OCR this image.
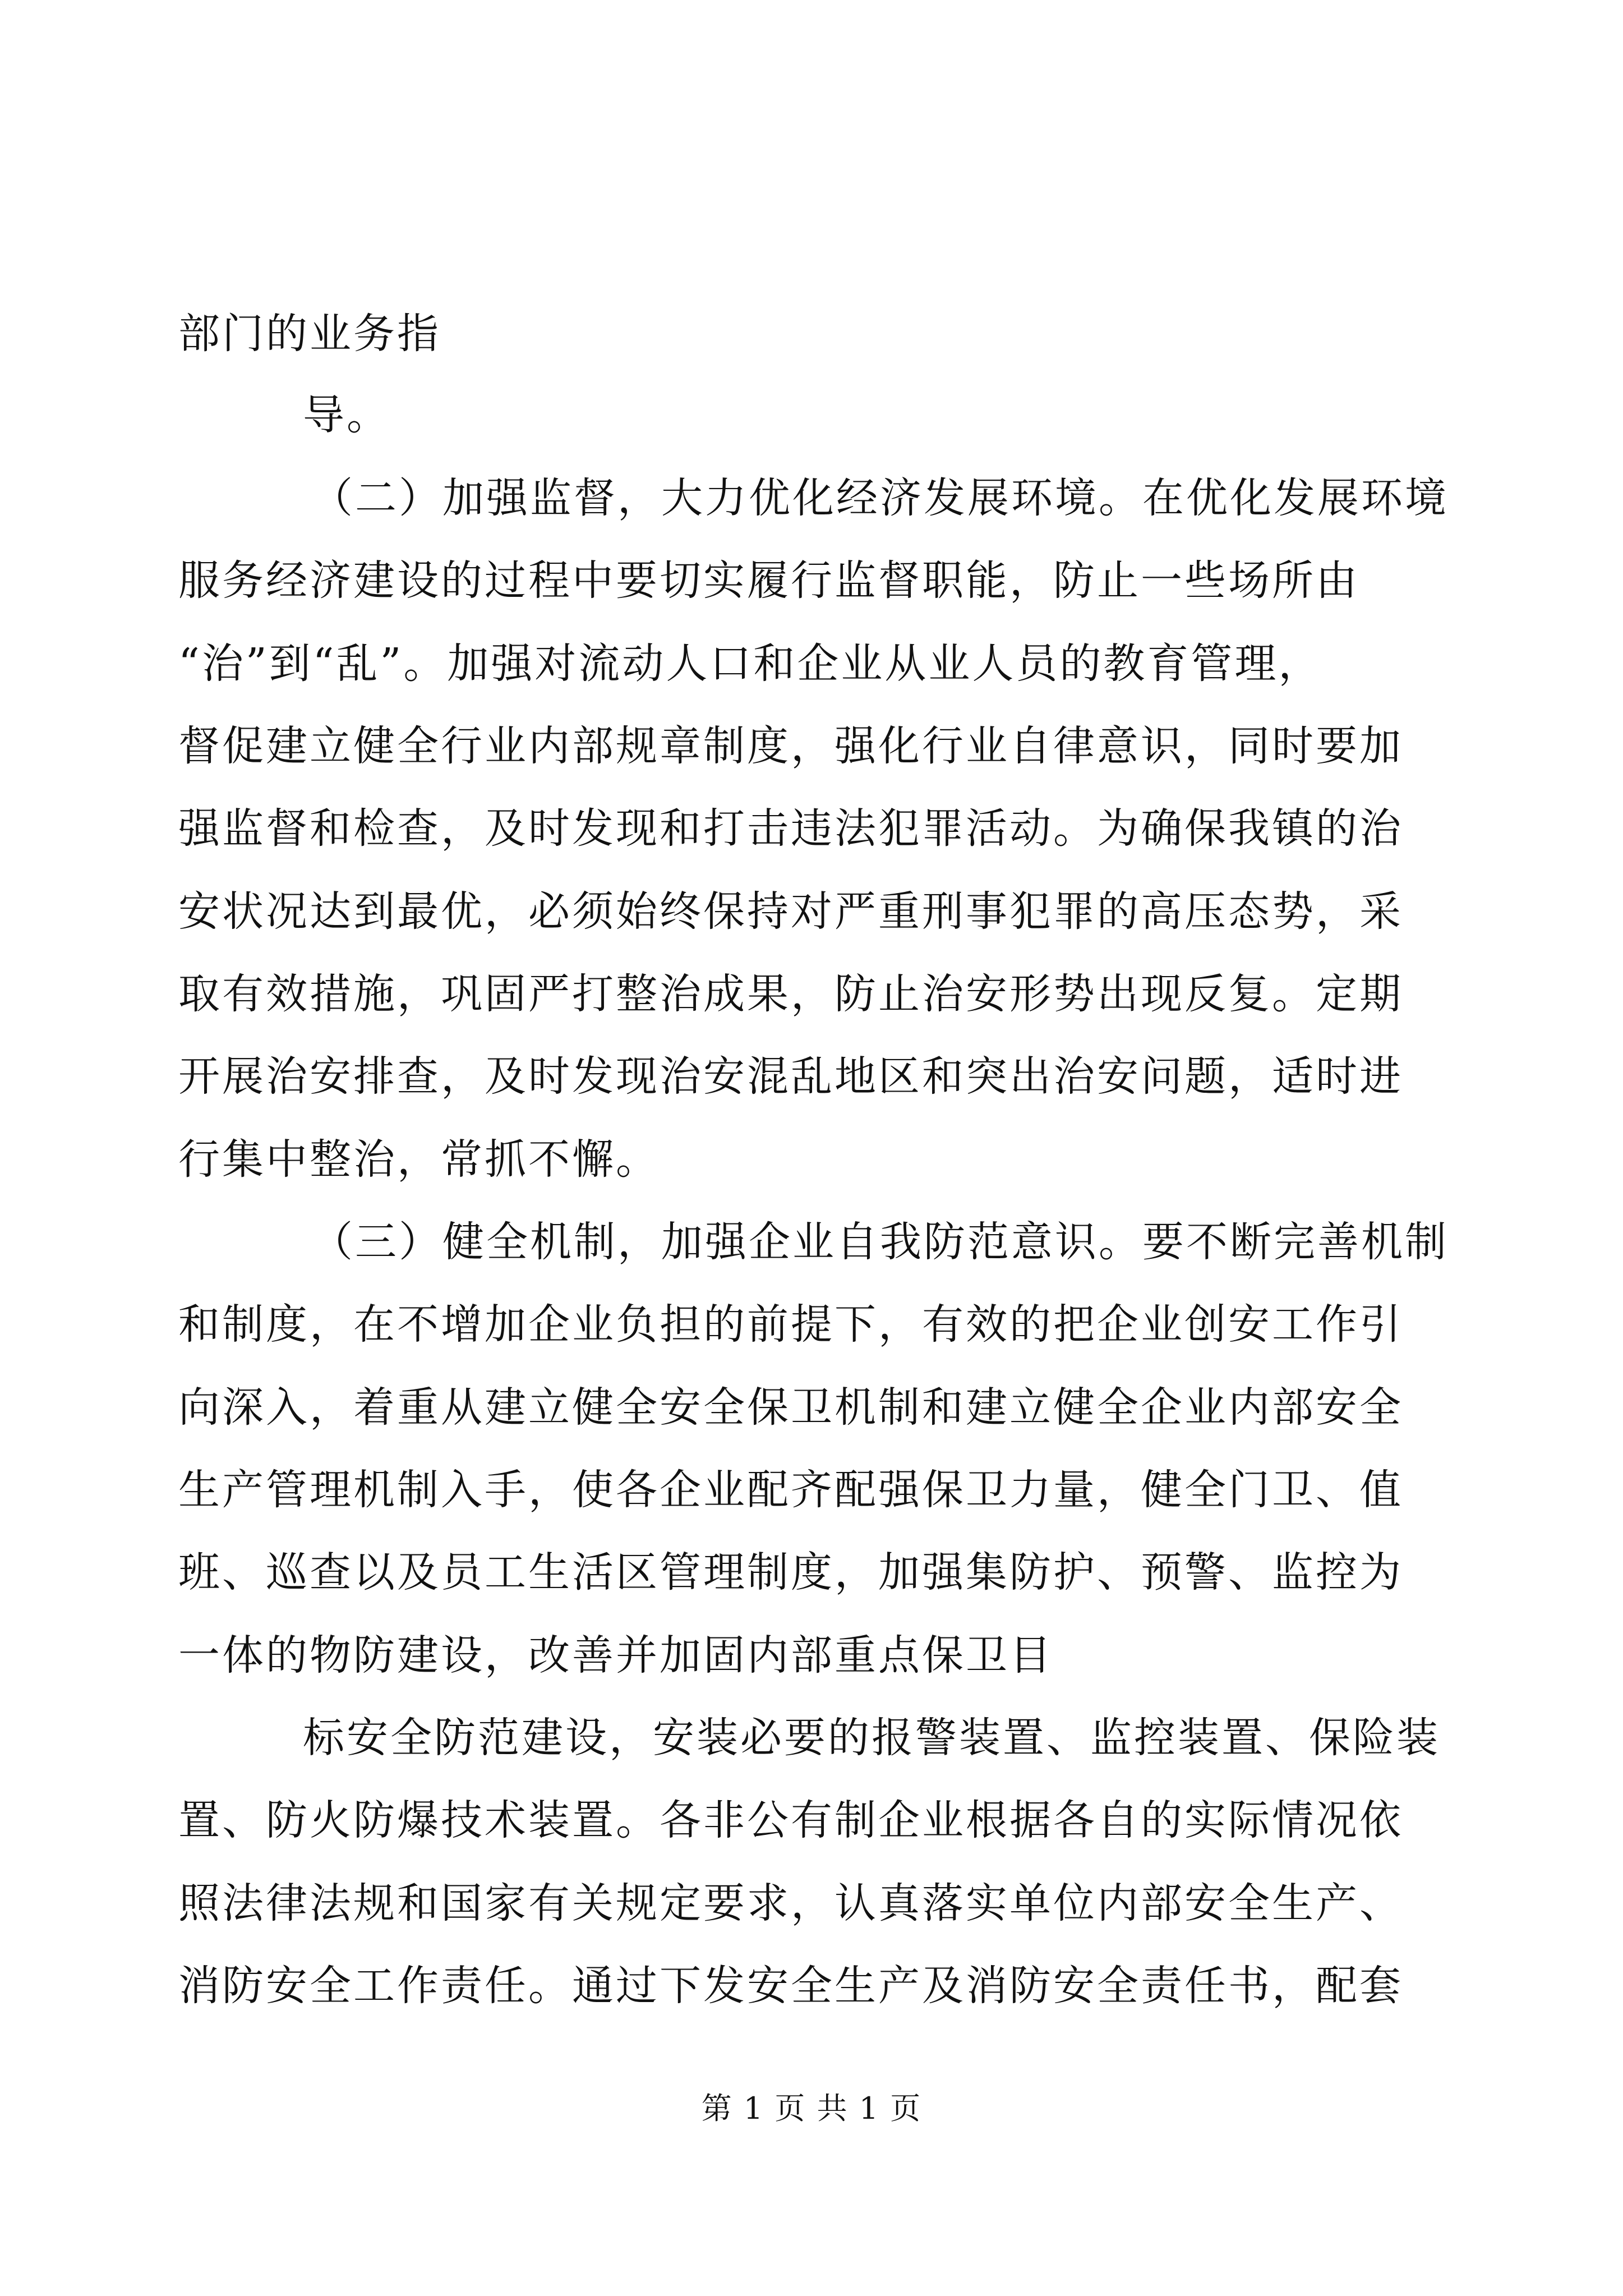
部门的业务指
导。
（二）加强监督，大力优化经济发展环境。在优化发展环境
服务经济建设的过程中要切实履行监督职能，防止一些场所由
“治”到“乱”。加强对流动人口和企业从业人员的教育管理，
督促建立健全行业内部规章制度，强化行业自律意识，同时要加
强监督和检查，及时发现和打击违法犯罪活动。为确保我镇的治
安状况达到最优，必须始终保持对严重刑事犯罪的高压态势，采
取有效措施，巩固严打整治成果，防止治安形势出现反复。定期
开展治安排查，及时发现治安混乱地区和突出治安问题，适时进
行集中整治，常抓不懈。
（三）健全机制，加强企业自我防范意识。要不断完善机制
和制度，在不增加企业负担的前提下，有效的把企业创安工作引
向深入，着重从建立健全安全保卫机制和建立健全企业内部安全
生产管理机制入手，使各企业配齐配强保卫力量，健全门卫、值
班、巡查以及员工生活区管理制度，加强集防护、预警、监控为
一体的物防建设，改善并加固内部重点保卫目
标安全防范建设，安装必要的报警装置、监控装置、保险装
置、防火防爆技术装置。各非公有制企业根据各自的实际情况依
照法律法规和国家有关规定要求，认真落实单位内部安全生产、
消防安全工作责任。通过下发安全生产及消防安全责任书，配套
第 1 页 共 1 页
